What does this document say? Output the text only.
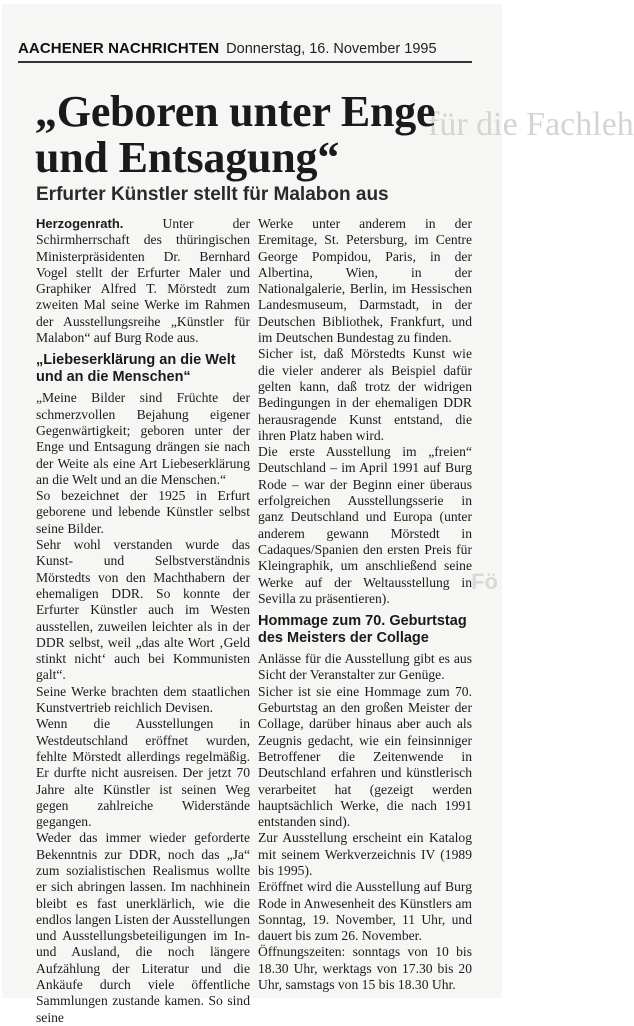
für die Fachleh
Fö
AACHENER NACHRICHTEN Donnerstag, 16. November 1995
„Geboren unter Enge und Entsagung“
Erfurter Künstler stellt für Malabon aus

Herzogenrath.	Unter der Schirmherrschaft des thüringischen Ministerpräsidenten Dr. Bernhard Vogel stellt der Erfurter Maler und Graphiker Alfred T. Mörstedt zum zweiten Mal seine Werke im Rahmen der Ausstellungsreihe „Künstler für Malabon“ auf Burg Rode aus.

„Liebeserklärung an die Welt und an die Menschen“

„Meine Bilder sind Früchte der schmerzvollen Bejahung eigener Gegenwärtigkeit; geboren unter der Enge und Entsagung drängen sie nach der Weite als eine Art Liebeserklärung an die Welt und an die Menschen.“

So bezeichnet der 1925 in Erfurt geborene und lebende Künstler selbst seine Bilder.

Sehr wohl verstanden wurde das Kunst- und Selbstverständnis Mörstedts von den Machthabern der ehemaligen DDR. So konnte der Erfurter Künstler auch im Westen ausstellen, zuweilen leichter als in der DDR selbst, weil „das alte Wort ‚Geld stinkt nicht‘ auch bei Kommunisten galt“.

Seine Werke brachten dem staatlichen Kunstvertrieb reichlich Devisen.

Wenn die Ausstellungen in Westdeutschland eröffnet wurden, fehlte Mörstedt allerdings regelmäßig. Er durfte nicht ausreisen. Der jetzt 70 Jahre alte Künstler ist seinen Weg gegen zahlreiche Widerstände gegangen.

Weder das immer wieder geforderte Bekenntnis zur DDR, noch das „Ja“ zum sozialistischen Realismus wollte er sich abringen lassen. Im nachhinein bleibt es fast unerklärlich, wie die endlos langen Listen der Ausstellungen und Ausstellungsbeteiligungen im In- und Ausland, die noch längere Aufzählung der Literatur und die Ankäufe durch viele öffentliche Sammlungen zustande kamen. So sind seine

Werke unter anderem in der Eremitage, St. Petersburg, im Centre George Pompidou, Paris, in der Albertina, Wien, in der Nationalgalerie, Berlin, im Hessischen Landesmuseum, Darmstadt, in der Deutschen Bibliothek, Frankfurt, und im Deutschen Bundestag zu finden.

Sicher ist, daß Mörstedts Kunst wie die vieler anderer als Beispiel dafür gelten kann, daß trotz der widrigen Bedingungen in der ehemaligen DDR herausragende Kunst entstand, die ihren Platz haben wird.

Die erste Ausstellung im „freien“ Deutschland – im April 1991 auf Burg Rode – war der Beginn einer überaus erfolgreichen Ausstellungsserie in ganz Deutschland und Europa (unter anderem gewann Mörstedt in Cadaques/Spanien den ersten Preis für Kleingraphik, um anschließend seine Werke auf der Weltausstellung in Sevilla zu präsentieren).

Hommage zum 70. Geburtstag des Meisters der Collage

Anlässe für die Ausstellung gibt es aus Sicht der Veranstalter zur Genüge.

Sicher ist sie eine Hommage zum 70. Geburtstag an den großen Meister der Collage, darüber hinaus aber auch als Zeugnis gedacht, wie ein feinsinniger Betroffener die Zeitenwende in Deutschland erfahren und künstlerisch verarbeitet hat (gezeigt werden hauptsächlich Werke, die nach 1991 entstanden sind).

Zur Ausstellung erscheint ein Katalog mit seinem Werkverzeichnis IV (1989 bis 1995).

Eröffnet wird die Ausstellung auf Burg Rode in Anwesenheit des Künstlers am Sonntag, 19. November, 11 Uhr, und dauert bis zum 26. November.

Öffnungszeiten: sonntags von 10 bis 18.30 Uhr, werktags von 17.30 bis 20 Uhr, samstags von 15 bis 18.30 Uhr.
